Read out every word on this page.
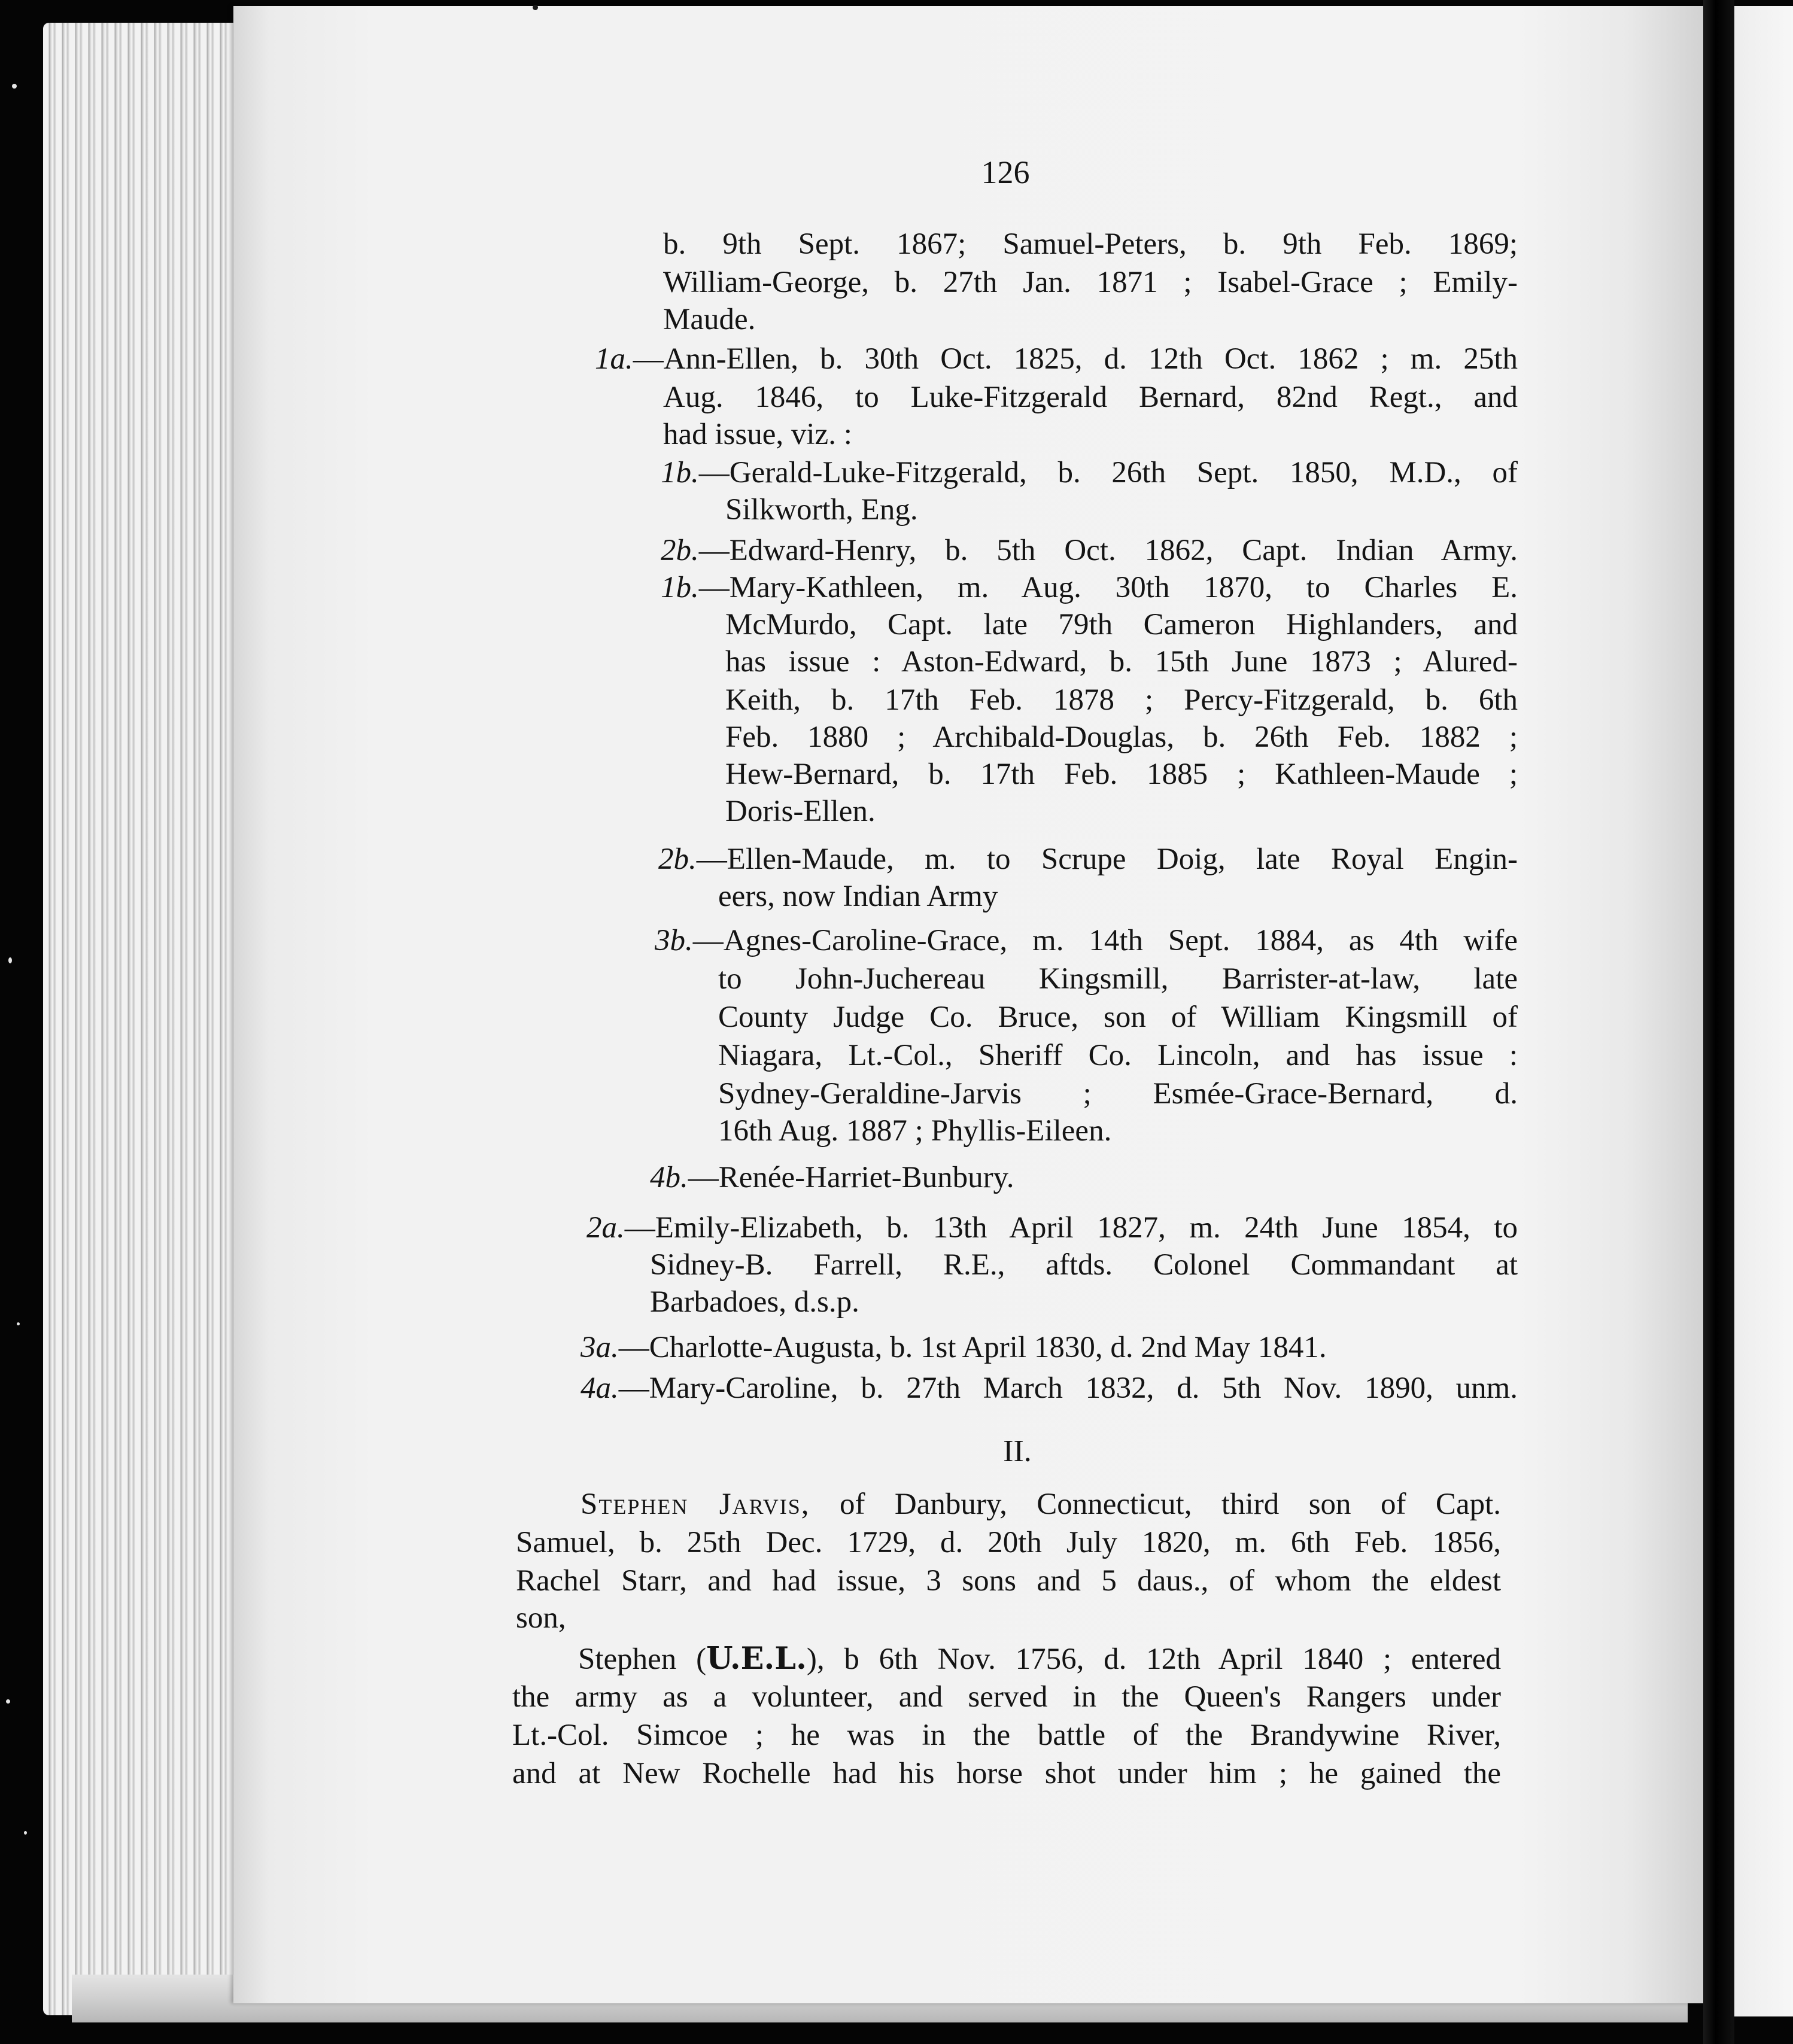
126
b. 9th Sept. 1867; Samuel-Peters, b. 9th Feb. 1869;
William-George, b. 27th Jan. 1871 ; Isabel-Grace ; Emily-
Maude.
1a.—Ann-Ellen, b. 30th Oct. 1825, d. 12th Oct. 1862 ; m. 25th
Aug. 1846, to Luke-Fitzgerald Bernard, 82nd Regt., and
had issue, viz. :
1b.—Gerald-Luke-Fitzgerald, b. 26th Sept. 1850, M.D., of
Silkworth, Eng.
2b.—Edward-Henry, b. 5th Oct. 1862, Capt. Indian Army.
1b.—Mary-Kathleen, m. Aug. 30th 1870, to Charles E.
McMurdo, Capt. late 79th Cameron Highlanders, and
has issue : Aston-Edward, b. 15th June 1873 ; Alured-
Keith, b. 17th Feb. 1878 ; Percy-Fitzgerald, b. 6th
Feb. 1880 ; Archibald-Douglas, b. 26th Feb. 1882 ;
Hew-Bernard, b. 17th Feb. 1885 ; Kathleen-Maude ;
Doris-Ellen.
2b.—Ellen-Maude, m. to Scrupe Doig, late Royal Engin-
eers, now Indian Army
3b.—Agnes-Caroline-Grace, m. 14th Sept. 1884, as 4th wife
to John-Juchereau Kingsmill, Barrister-at-law, late
County Judge Co. Bruce, son of William Kingsmill of
Niagara, Lt.-Col., Sheriff Co. Lincoln, and has issue :
Sydney-Geraldine-Jarvis ; Esmée-Grace-Bernard, d.
16th Aug. 1887 ; Phyllis-Eileen.
4b.—Renée-Harriet-Bunbury.
2a.—Emily-Elizabeth, b. 13th April 1827, m. 24th June 1854, to
Sidney-B. Farrell, R.E., aftds. Colonel Commandant at
Barbadoes, d.s.p.
3a.—Charlotte-Augusta, b. 1st April 1830, d. 2nd May 1841.
4a.—Mary-Caroline, b. 27th March 1832, d. 5th Nov. 1890, unm.
II.
Stephen Jarvis, of Danbury, Connecticut, third son of Capt.
Samuel, b. 25th Dec. 1729, d. 20th July 1820, m. 6th Feb. 1856,
Rachel Starr, and had issue, 3 sons and 5 daus., of whom the eldest
son,
Stephen (U.E.L.), b 6th Nov. 1756, d. 12th April 1840 ; entered
the army as a volunteer, and served in the Queen's Rangers under
Lt.-Col. Simcoe ; he was in the battle of the Brandywine River,
and at New Rochelle had his horse shot under him ; he gained the
